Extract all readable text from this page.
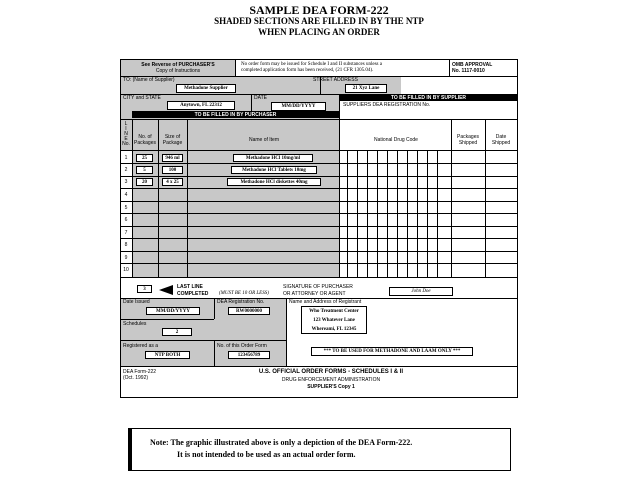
SAMPLE DEA FORM-222
SHADED SECTIONS ARE FILLED IN BY THE NTP
WHEN PLACING AN ORDER
See Reverse of PURCHASER'S
Copy of Instructions
No order form may be issued for Schedule I and II substances unless a
completed application form has been received, (21 CFR 1305.04).
OMB APPROVAL
No. 1117-0010
TO: (Name of Supplier)
Methadone Supplier
STREET ADDRESS
21 Xyz Lane
CITY and STATE
Anytown, FL 22312
DATE
MM/DD/YYYY
TO BE FILLED IN BY SUPPLIER
SUPPLIERS DEA REGISTRATION No.
TO BE FILLED IN BY PURCHASER
L
I
N
E
No.
No. of
Packages
Size of
Package	Name of Item	National Drug Code	Packages
Shipped
Date
Shipped
1	25	946 ml	Methadone HCl 10mg/ml
2	5	100	Methadone HCl Tablets 10mg
3	20	4 x 25	Methadone HCl diskettes 40mg
4
5
6
7
8
9
10
3	LAST LINE
COMPLETED (MUST BE 10 OR LESS)
SIGNATURE OF PURCHASER
OR ATTORNEY OR AGENT	John Doe
Date Issued
MM/DD/YYYY
DEA Registration No.
RW0000000
Name and Address of Registrant
Who Treatment Center
123 Whatever Lane
Whereami, FL 12345
Schedules
2
Registered as a
NTP BOTH
No. of this Order Form
123456789
*** TO BE USED FOR METHADONE AND LAAM ONLY ***
DEA Form-222
(Oct. 1992)
U.S. OFFICIAL ORDER FORMS - SCHEDULES I & II
DRUG ENFORCEMENT ADMINISTRATION
SUPPLIER'S Copy 1
Note: The graphic illustrated above is only a depiction of the DEA Form-222.
It is not intended to be used as an actual order form.
